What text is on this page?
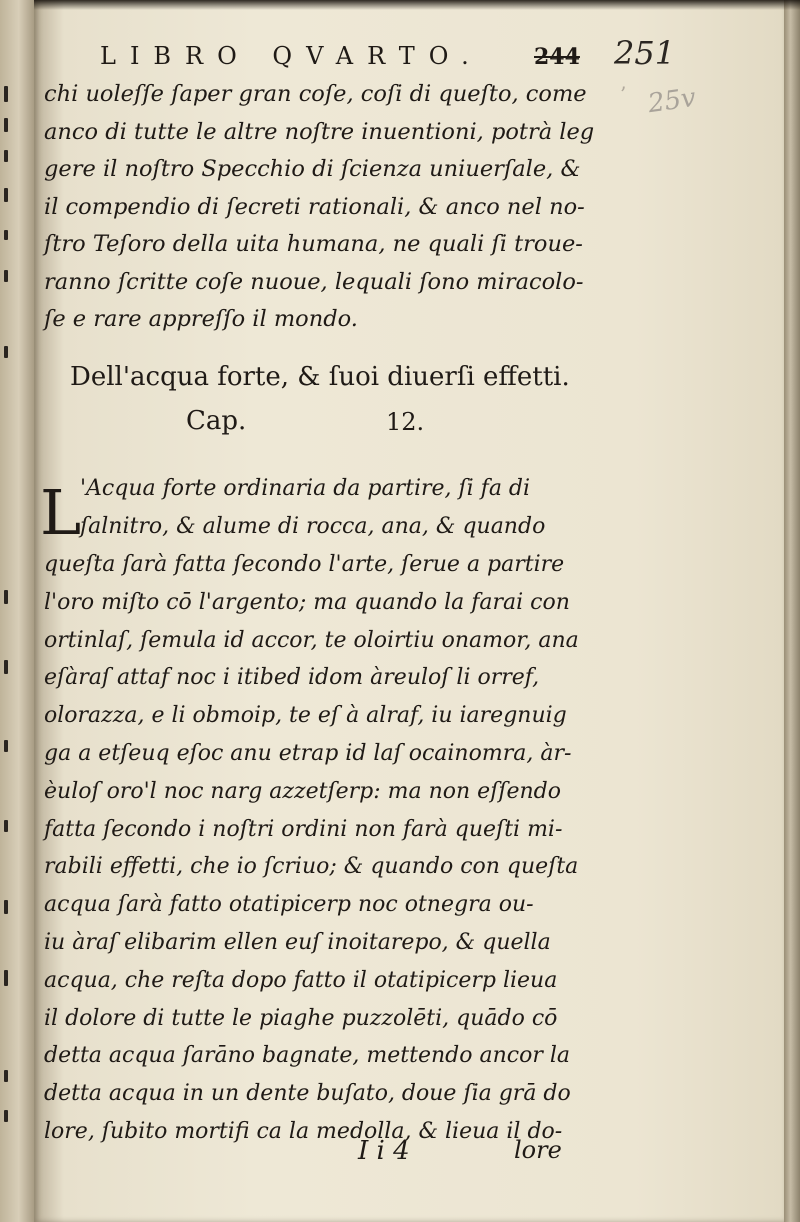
LIBRO QVARTO.	244 251
’ 25v
chi uoleſſe ſaper gran coſe, coſi di queſto, come
anco di tutte le altre noſtre inuentioni, potrà leg
gere il noſtro Specchio di ſcienza uniuerſale, &
il compendio di ſecreti rationali, & anco nel no-
ſtro Teſoro della uita humana, ne quali ſi troue-
ranno ſcritte coſe nuoue, lequali ſono miracolo-
ſe e rare appreſſo il mondo.
Dell'acqua forte, & ſuoi diuerſi effetti.
Cap.	12.
L
'Acqua forte ordinaria da partire, ſi fa di
ſalnitro, & alume di rocca, ana, & quando
queſta ſarà fatta ſecondo l'arte, ſerue a partire
l'oro miſto cō l'argento; ma quando la farai con
ortinlaſ, ſemula id accor, te oloirtiu onamor, ana
eſàraſ attaf noc i itibed idom àreuloſ li orref,
olorazza, e li obmoip, te eſ à alraf, iu iaregnuig
ga a etſeuq eſoc anu etrap id laſ ocainomra, àr-
èuloſ oro'l noc narg azzetſerp: ma non eſſendo
fatta ſecondo i noſtri ordini non farà queſti mi-
rabili effetti, che io ſcriuo; & quando con queſta
acqua ſarà fatto otatipicerp noc otnegra ou-
iu àraſ elibarim ellen euſ inoitarepo, & quella
acqua, che reſta dopo fatto il otatipicerp lieua
il dolore di tutte le piaghe puzzolēti, quādo cō
detta acqua ſarāno bagnate, mettendo ancor la
detta acqua in un dente buſato, doue ſia grā do
lore, ſubito mortifi ca la medolla, & lieua il do-
I i 4	lore
